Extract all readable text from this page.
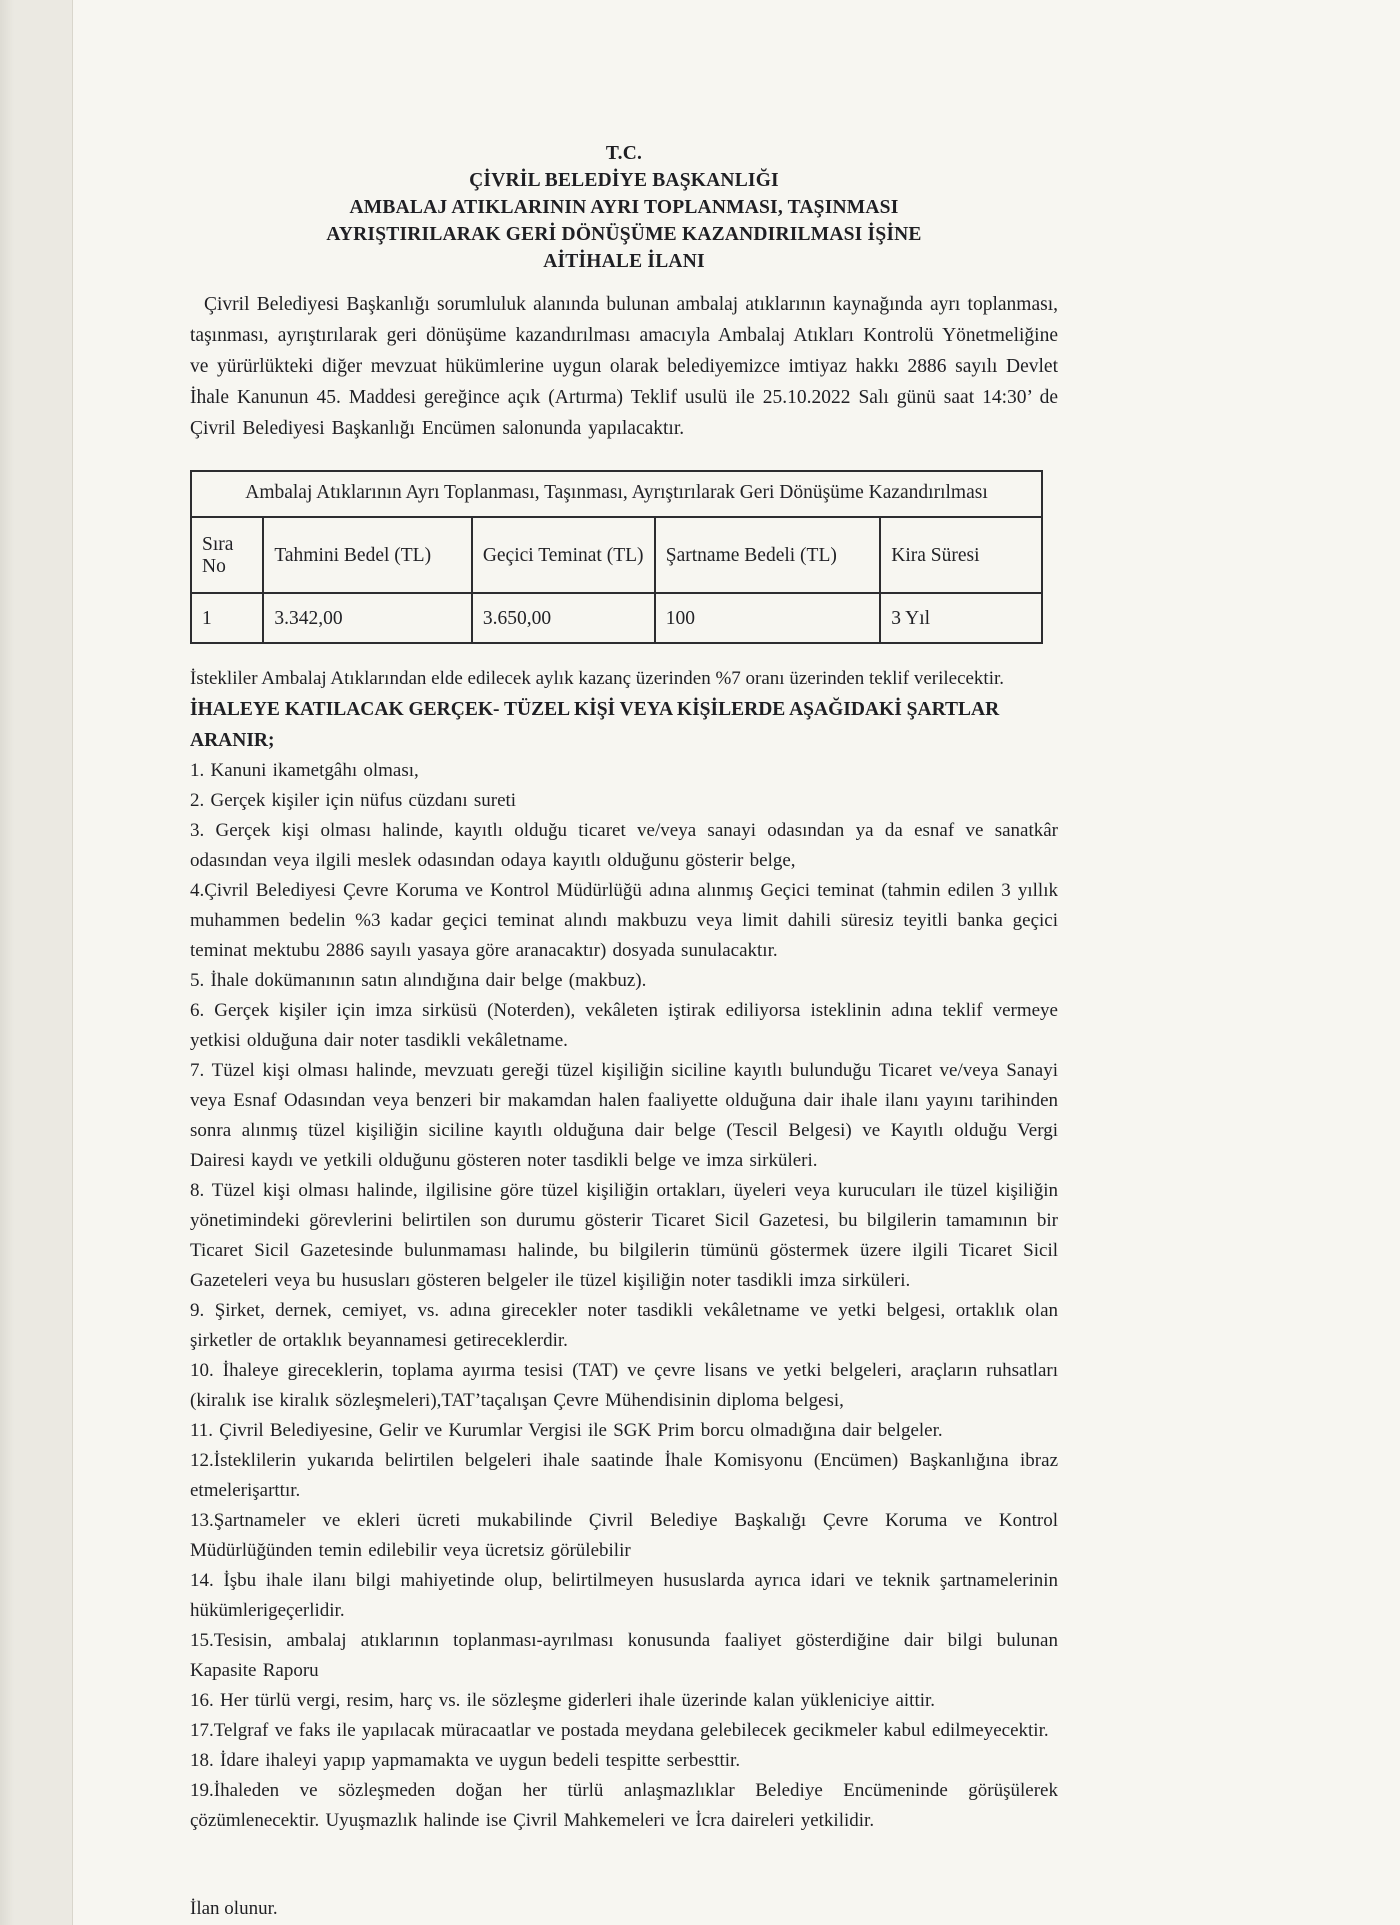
T.C.
ÇİVRİL BELEDİYE BAŞKANLIĞI
AMBALAJ ATIKLARININ AYRI TOPLANMASI, TAŞINMASI
AYRIŞTIRILARAK GERİ DÖNÜŞÜME KAZANDIRILMASI İŞİNE
AİTİHALE İLANI

Çivril Belediyesi Başkanlığı sorumluluk alanında bulunan ambalaj atıklarının kaynağında ayrı toplanması, taşınması, ayrıştırılarak geri dönüşüme kazandırılması amacıyla Ambalaj Atıkları Kontrolü Yönetmeliğine ve yürürlükteki diğer mevzuat hükümlerine uygun olarak belediyemizce imtiyaz hakkı 2886 sayılı Devlet İhale Kanunun 45. Maddesi gereğince açık (Artırma) Teklif usulü ile 25.10.2022 Salı günü saat 14:30’ de Çivril Belediyesi Başkanlığı Encümen salonunda yapılacaktır.

Ambalaj Atıklarının Ayrı Toplanması, Taşınması, Ayrıştırılarak Geri Dönüşüme Kazandırılması				
Sıra No	Tahmini Bedel (TL)	Geçici Teminat (TL)	Şartname Bedeli (TL)	Kira Süresi
1	3.342,00	3.650,00	100	3 Yıl

İstekliler Ambalaj Atıklarından elde edilecek aylık kazanç üzerinden %7 oranı üzerinden teklif verilecektir.

İHALEYE KATILACAK GERÇEK- TÜZEL KİŞİ VEYA KİŞİLERDE AŞAĞIDAKİ ŞARTLAR ARANIR;

1. Kanuni ikametgâhı olması,

2. Gerçek kişiler için nüfus cüzdanı sureti

3. Gerçek kişi olması halinde, kayıtlı olduğu ticaret ve/veya sanayi odasından ya da esnaf ve sanatkâr odasından veya ilgili meslek odasından odaya kayıtlı olduğunu gösterir belge,

4.Çivril Belediyesi Çevre Koruma ve Kontrol Müdürlüğü adına alınmış Geçici teminat (tahmin edilen 3 yıllık muhammen bedelin %3 kadar geçici teminat alındı makbuzu veya limit dahili süresiz teyitli banka geçici teminat mektubu 2886 sayılı yasaya göre aranacaktır) dosyada sunulacaktır.

5. İhale dokümanının satın alındığına dair belge (makbuz).

6. Gerçek kişiler için imza sirküsü (Noterden), vekâleten iştirak ediliyorsa isteklinin adına teklif vermeye yetkisi olduğuna dair noter tasdikli vekâletname.

7. Tüzel kişi olması halinde, mevzuatı gereği tüzel kişiliğin siciline kayıtlı bulunduğu Ticaret ve/veya Sanayi veya Esnaf Odasından veya benzeri bir makamdan halen faaliyette olduğuna dair ihale ilanı yayını tarihinden sonra alınmış tüzel kişiliğin siciline kayıtlı olduğuna dair belge (Tescil Belgesi) ve Kayıtlı olduğu Vergi Dairesi kaydı ve yetkili olduğunu gösteren noter tasdikli belge ve imza sirküleri.

8. Tüzel kişi olması halinde, ilgilisine göre tüzel kişiliğin ortakları, üyeleri veya kurucuları ile tüzel kişiliğin yönetimindeki görevlerini belirtilen son durumu gösterir Ticaret Sicil Gazetesi, bu bilgilerin tamamının bir Ticaret Sicil Gazetesinde bulunmaması halinde, bu bilgilerin tümünü göstermek üzere ilgili Ticaret Sicil Gazeteleri veya bu hususları gösteren belgeler ile tüzel kişiliğin noter tasdikli imza sirküleri.

9. Şirket, dernek, cemiyet, vs. adına girecekler noter tasdikli vekâletname ve yetki belgesi, ortaklık olan şirketler de ortaklık beyannamesi getireceklerdir.

10. İhaleye gireceklerin, toplama ayırma tesisi (TAT) ve çevre lisans ve yetki belgeleri, araçların ruhsatları (kiralık ise kiralık sözleşmeleri),TAT’taçalışan Çevre Mühendisinin diploma belgesi,

11. Çivril Belediyesine, Gelir ve Kurumlar Vergisi ile SGK Prim borcu olmadığına dair belgeler.

12.İsteklilerin yukarıda belirtilen belgeleri ihale saatinde İhale Komisyonu (Encümen) Başkanlığına ibraz etmelerişarttır.

13.Şartnameler ve ekleri ücreti mukabilinde Çivril Belediye Başkalığı Çevre Koruma ve Kontrol Müdürlüğünden temin edilebilir veya ücretsiz görülebilir

14. İşbu ihale ilanı bilgi mahiyetinde olup, belirtilmeyen hususlarda ayrıca idari ve teknik şartnamelerinin hükümlerigeçerlidir.

15.Tesisin, ambalaj atıklarının toplanması-ayrılması konusunda faaliyet gösterdiğine dair bilgi bulunan Kapasite Raporu

16. Her türlü vergi, resim, harç vs. ile sözleşme giderleri ihale üzerinde kalan yükleniciye aittir.

17.Telgraf ve faks ile yapılacak müracaatlar ve postada meydana gelebilecek gecikmeler kabul edilmeyecektir.

18. İdare ihaleyi yapıp yapmamakta ve uygun bedeli tespitte serbesttir.

19.İhaleden ve sözleşmeden doğan her türlü anlaşmazlıklar Belediye Encümeninde görüşülerek çözümlenecektir. Uyuşmazlık halinde ise Çivril Mahkemeleri ve İcra daireleri yetkilidir.

İlan olunur.
